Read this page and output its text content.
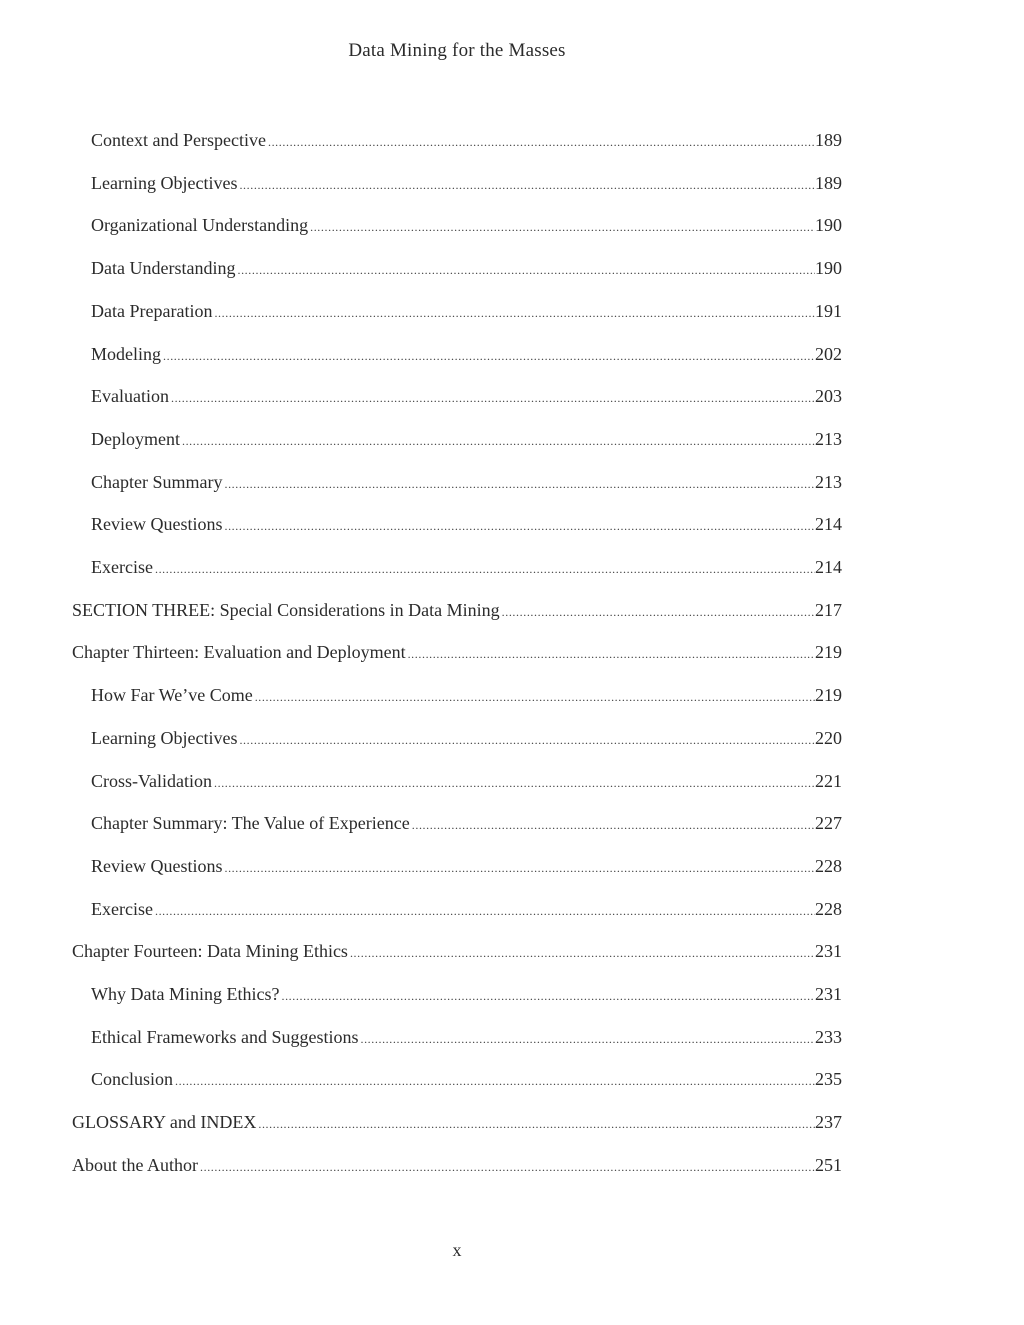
Data Mining for the Masses
Context and Perspective .....	189
Learning Objectives .....	189
Organizational Understanding .....	190
Data Understanding .....	190
Data Preparation .....	191
Modeling .....	202
Evaluation .....	203
Deployment .....	213
Chapter Summary .....	213
Review Questions .....	214
Exercise .....	214
SECTION THREE: Special Considerations in Data Mining .....	217
Chapter Thirteen: Evaluation and Deployment .....	219
How Far We’ve Come .....	219
Learning Objectives .....	220
Cross-Validation .....	221
Chapter Summary: The Value of Experience .....	227
Review Questions .....	228
Exercise .....	228
Chapter Fourteen: Data Mining Ethics .....	231
Why Data Mining Ethics? .....	231
Ethical Frameworks and Suggestions .....	233
Conclusion .....	235
GLOSSARY and INDEX .....	237
About the Author .....	251
x
